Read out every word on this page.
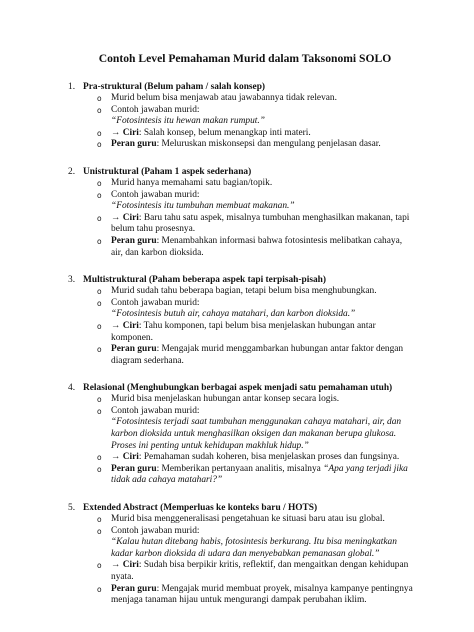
Contoh Level Pemahaman Murid dalam Taksonomi SOLO
1. Pra-struktural (Belum paham / salah konsep)
o	Murid belum bisa menjawab atau jawabannya tidak relevan.
o	Contoh jawaban murid:
“Fotosintesis itu hewan makan rumput.”
o	→ Ciri: Salah konsep, belum menangkap inti materi.
o	Peran guru: Meluruskan miskonsepsi dan mengulang penjelasan dasar.
2. Unistruktural (Paham 1 aspek sederhana)
o	Murid hanya memahami satu bagian/topik.
o	Contoh jawaban murid:
“Fotosintesis itu tumbuhan membuat makanan.”
o	→ Ciri: Baru tahu satu aspek, misalnya tumbuhan menghasilkan makanan, tapi belum tahu prosesnya.
o	Peran guru: Menambahkan informasi bahwa fotosintesis melibatkan cahaya, air, dan karbon dioksida.
3. Multistruktural (Paham beberapa aspek tapi terpisah-pisah)
o	Murid sudah tahu beberapa bagian, tetapi belum bisa menghubungkan.
o	Contoh jawaban murid:
“Fotosintesis butuh air, cahaya matahari, dan karbon dioksida.”
o	→ Ciri: Tahu komponen, tapi belum bisa menjelaskan hubungan antar komponen.
o	Peran guru: Mengajak murid menggambarkan hubungan antar faktor dengan diagram sederhana.
4. Relasional (Menghubungkan berbagai aspek menjadi satu pemahaman utuh)
o	Murid bisa menjelaskan hubungan antar konsep secara logis.
o	Contoh jawaban murid:
“Fotosintesis terjadi saat tumbuhan menggunakan cahaya matahari, air, dan karbon dioksida untuk menghasilkan oksigen dan makanan berupa glukosa. Proses ini penting untuk kehidupan makhluk hidup.”
o	→ Ciri: Pemahaman sudah koheren, bisa menjelaskan proses dan fungsinya.
o	Peran guru: Memberikan pertanyaan analitis, misalnya “Apa yang terjadi jika tidak ada cahaya matahari?”
5. Extended Abstract (Memperluas ke konteks baru / HOTS)
o	Murid bisa menggeneralisasi pengetahuan ke situasi baru atau isu global.
o	Contoh jawaban murid:
“Kalau hutan ditebang habis, fotosintesis berkurang. Itu bisa meningkatkan kadar karbon dioksida di udara dan menyebabkan pemanasan global.”
o	→ Ciri: Sudah bisa berpikir kritis, reflektif, dan mengaitkan dengan kehidupan nyata.
o	Peran guru: Mengajak murid membuat proyek, misalnya kampanye pentingnya menjaga tanaman hijau untuk mengurangi dampak perubahan iklim.
